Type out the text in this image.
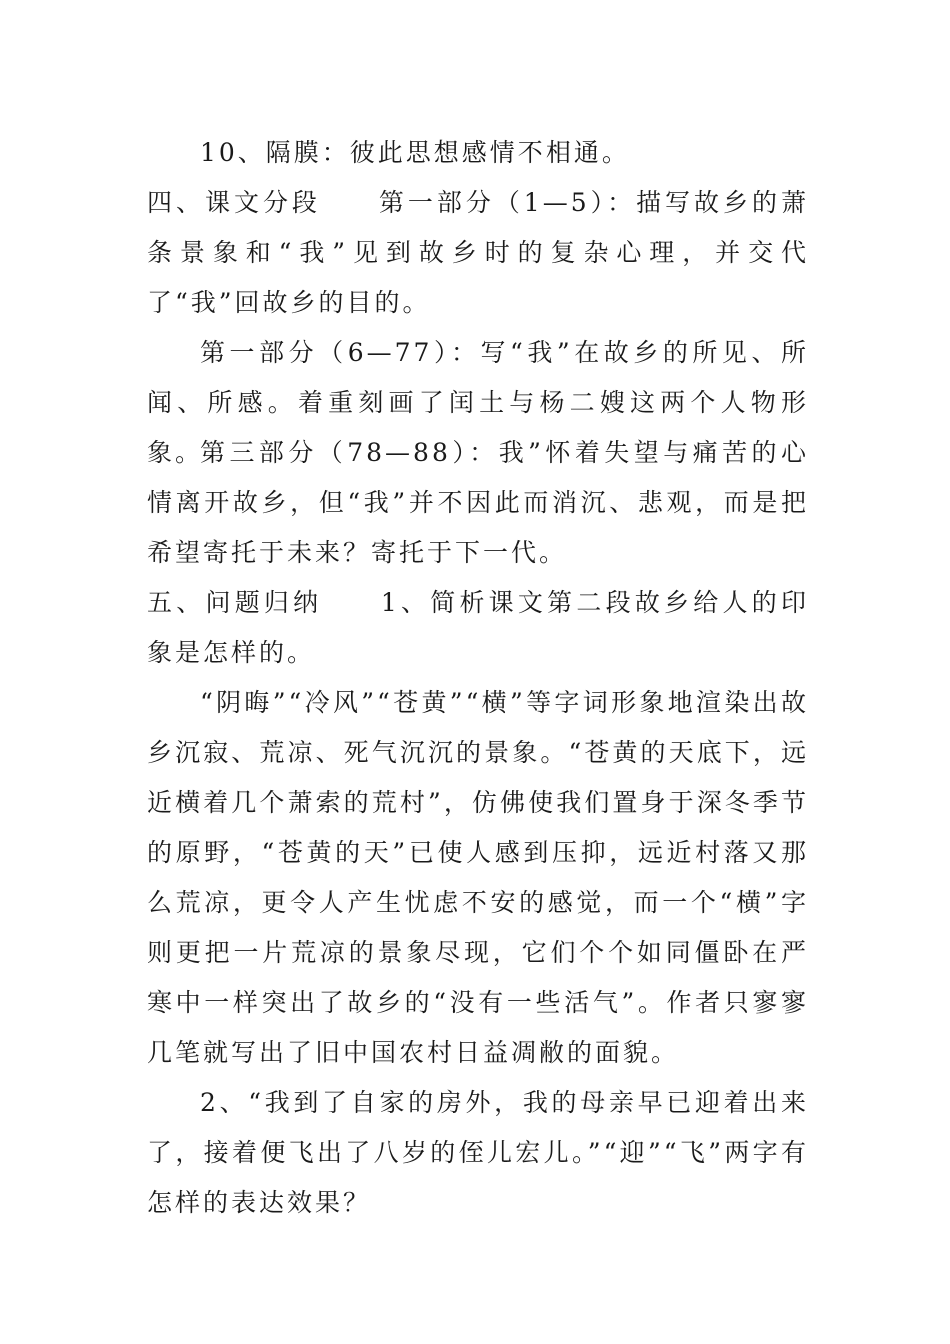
10、隔膜：彼此思想感情不相通。
四、课文分段　　第一部分（1—5）：描写故乡的萧条景象和“我”见到故乡时的复杂心理，并交代了“我”回故乡的目的。
第一部分（6—77）：写“我”在故乡的所见、所闻、所感。着重刻画了闰土与杨二嫂这两个人物形象。
第三部分（78—88）：我”怀着失望与痛苦的心情离开故乡，但“我”并不因此而消沉、悲观，而是把希望寄托于未来？寄托于下一代。
五、问题归纳　　1、简析课文第二段故乡给人的印象是怎样的。
“阴晦”“冷风”“苍黄”“横”等字词形象地渲染出故乡沉寂、荒凉、死气沉沉的景象。“苍黄的天底下，远近横着几个萧索的荒村”，仿佛使我们置身于深冬季节的原野，“苍黄的天”已使人感到压抑，远近村落又那么荒凉，更令人产生忧虑不安的感觉，而一个“横”字则更把一片荒凉的景象尽现，它们个个如同僵卧在严寒中一样突出了故乡的“没有一些活气”。作者只寥寥几笔就写出了旧中国农村日益凋敝的面貌。
2、“我到了自家的房外，我的母亲早已迎着出来了，接着便飞出了八岁的侄儿宏儿。”“迎”“飞”两字有怎样的表达效果？
